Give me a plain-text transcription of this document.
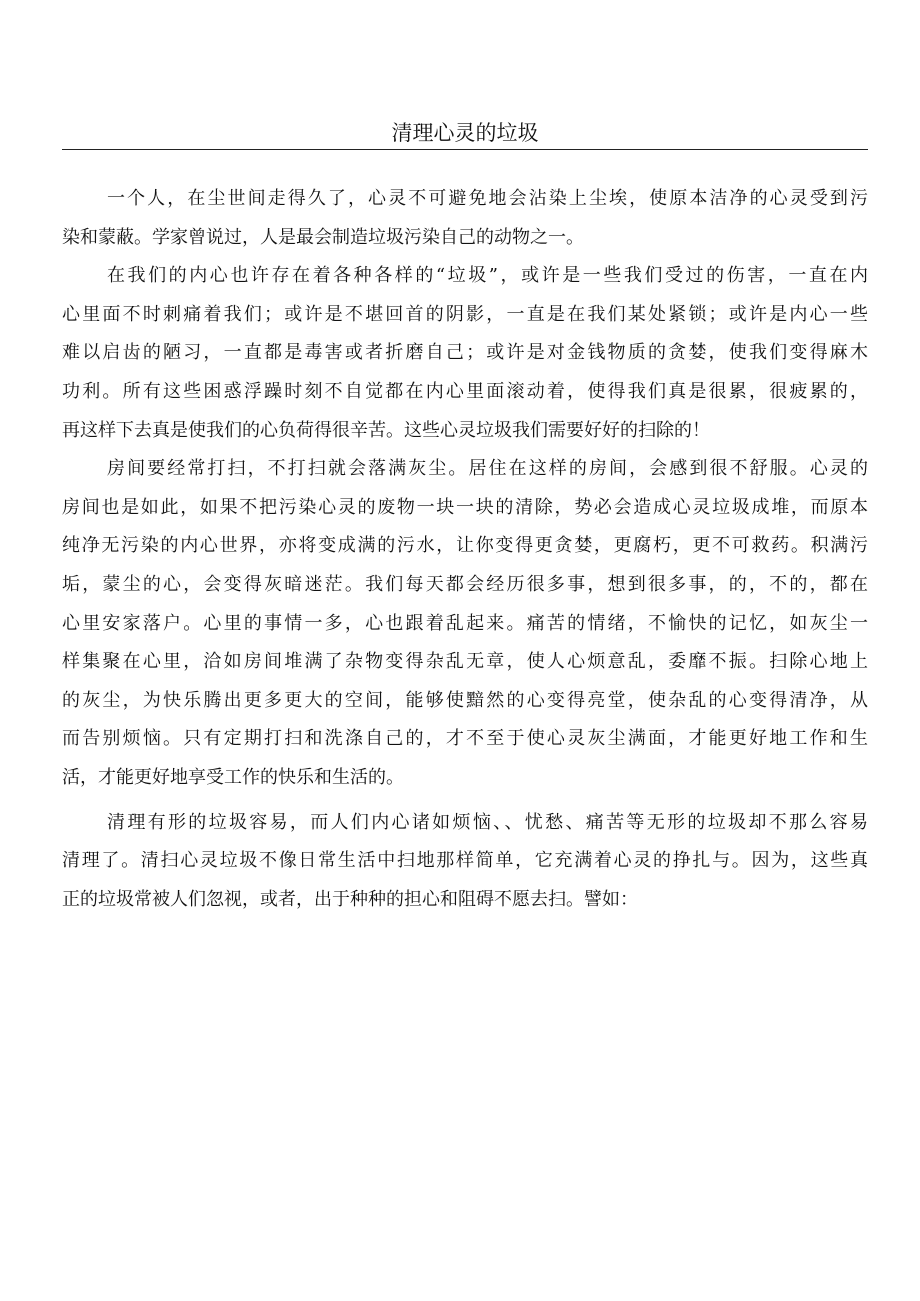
清理心灵的垃圾
一个人，在尘世间走得久了，心灵不可避免地会沾染上尘埃，使原本洁净的心灵受到污
染和蒙蔽。学家曾说过，人是最会制造垃圾污染自己的动物之一。
在我们的内心也许存在着各种各样的“垃圾”，或许是一些我们受过的伤害，一直在内
心里面不时刺痛着我们；或许是不堪回首的阴影，一直是在我们某处紧锁；或许是内心一些
难以启齿的陋习，一直都是毒害或者折磨自己；或许是对金钱物质的贪婪，使我们变得麻木
功利。所有这些困惑浮躁时刻不自觉都在内心里面滚动着，使得我们真是很累，很疲累的，
再这样下去真是使我们的心负荷得很辛苦。这些心灵垃圾我们需要好好的扫除的！
房间要经常打扫，不打扫就会落满灰尘。居住在这样的房间，会感到很不舒服。心灵的
房间也是如此，如果不把污染心灵的废物一块一块的清除，势必会造成心灵垃圾成堆，而原本
纯净无污染的内心世界，亦将变成满的污水，让你变得更贪婪，更腐朽，更不可救药。积满污
垢，蒙尘的心，会变得灰暗迷茫。我们每天都会经历很多事，想到很多事，的，不的，都在
心里安家落户。心里的事情一多，心也跟着乱起来。痛苦的情绪，不愉快的记忆，如灰尘一
样集聚在心里，洽如房间堆满了杂物变得杂乱无章，使人心烦意乱，委靡不振。扫除心地上
的灰尘，为快乐腾出更多更大的空间，能够使黯然的心变得亮堂，使杂乱的心变得清净，从
而告别烦恼。只有定期打扫和洗涤自己的，才不至于使心灵灰尘满面，才能更好地工作和生
活，才能更好地享受工作的快乐和生活的。
清理有形的垃圾容易，而人们内心诸如烦恼、、忧愁、痛苦等无形的垃圾却不那么容易
清理了。清扫心灵垃圾不像日常生活中扫地那样简单，它充满着心灵的挣扎与。因为，这些真
正的垃圾常被人们忽视，或者，出于种种的担心和阻碍不愿去扫。譬如：
